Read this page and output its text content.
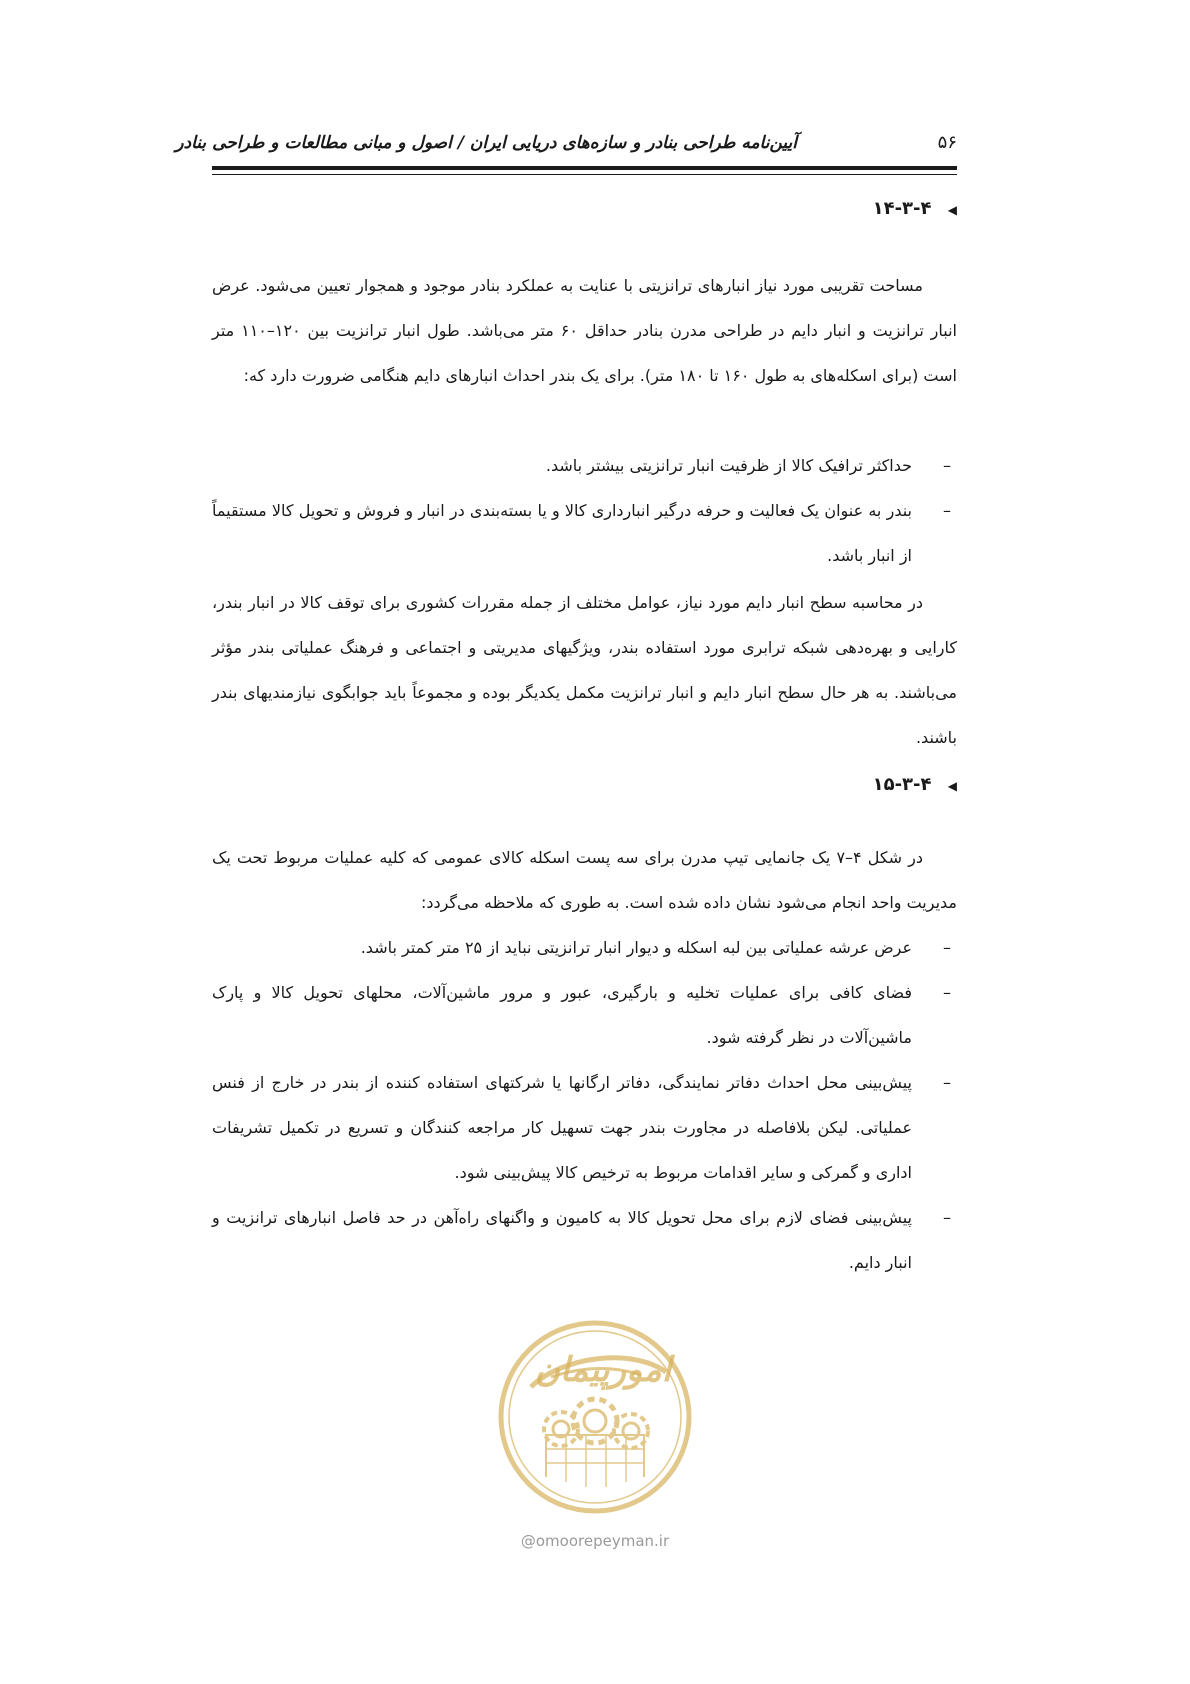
۵۶
آیین‌نامه طراحی بنادر و سازه‌های دریایی ایران / اصول و مبانی مطالعات و طراحی بنادر
۱۴-۳-۴ ◀

مساحت تقریبی مورد نیاز انبارهای ترانزیتی با عنایت به عملکرد بنادر موجود و همجوار تعیین می‌شود. عرض انبار ترانزیت و انبار دایم در طراحی مدرن بنادر حداقل ۶۰ متر می‌باشد. طول انبار ترانزیت بین ۱۲۰–۱۱۰ متر است (برای اسکله‌های به طول ۱۶۰ تا ۱۸۰ متر). برای یک بندر احداث انبارهای دایم هنگامی ضرورت دارد که:

–
حداکثر ترافیک کالا از ظرفیت انبار ترانزیتی بیشتر باشد.
–
بندر به عنوان یک فعالیت و حرفه درگیر انبارداری کالا و یا بسته‌بندی در انبار و فروش و تحویل کالا مستقیماً از انبار باشد.

در محاسبه سطح انبار دایم مورد نیاز، عوامل مختلف از جمله مقررات کشوری برای توقف کالا در انبار بندر، کارایی و بهره‌دهی شبکه ترابری مورد استفاده بندر، ویژگیهای مدیریتی و اجتماعی و فرهنگ عملیاتی بندر مؤثر می‌باشند. به هر حال سطح انبار دایم و انبار ترانزیت مکمل یکدیگر بوده و مجموعاً باید جوابگوی نیازمندیهای بندر باشند.

۱۵-۳-۴ ◀

در شکل ۴–۷ یک جانمایی تیپ مدرن برای سه پست اسکله کالای عمومی که کلیه عملیات مربوط تحت یک مدیریت واحد انجام می‌شود نشان داده شده است. به طوری که ملاحظه می‌گردد:

–
عرض عرشه عملیاتی بین لبه اسکله و دیوار انبار ترانزیتی نباید از ۲۵ متر کمتر باشد.
–
فضای کافی برای عملیات تخلیه و بارگیری، عبور و مرور ماشین‌آلات، محلهای تحویل کالا و پارک ماشین‌آلات در نظر گرفته شود.
–
پیش‌بینی محل احداث دفاتر نمایندگی، دفاتر ارگانها یا شرکتهای استفاده کننده از بندر در خارج از فنس عملیاتی. لیکن بلافاصله در مجاورت بندر جهت تسهیل کار مراجعه کنندگان و تسریع در تکمیل تشریفات اداری و گمرکی و سایر اقدامات مربوط به ترخیص کالا پیش‌بینی شود.
–
پیش‌بینی فضای لازم برای محل تحویل کالا به کامیون و واگنهای راه‌آهن در حد فاصل انبارهای ترانزیت و انبار دایم.
امورپیمان
@omoorepeyman.ir
